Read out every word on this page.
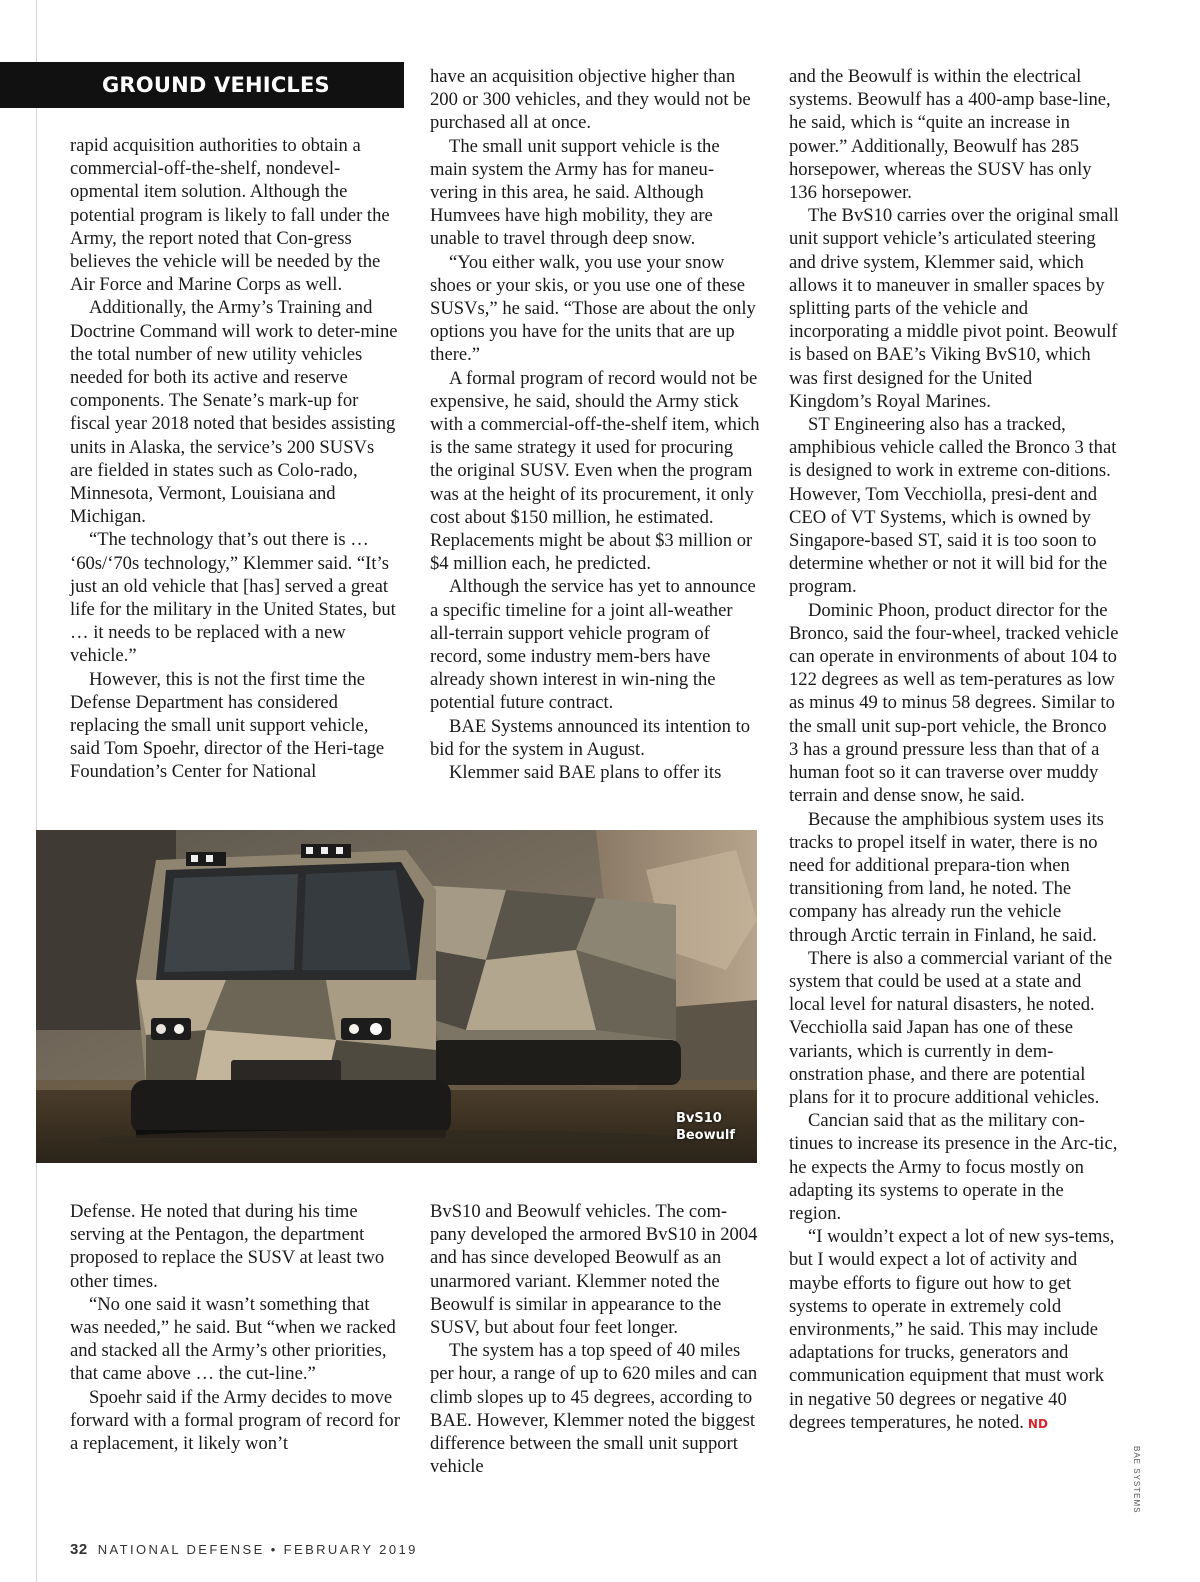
GROUND VEHICLES

rapid acquisition authorities to obtain a commercial-off-the-shelf, nondevel-opmental item solution. Although the potential program is likely to fall under the Army, the report noted that Con-gress believes the vehicle will be needed by the Air Force and Marine Corps as well.

Additionally, the Army’s Training and Doctrine Command will work to deter-mine the total number of new utility vehicles needed for both its active and reserve components. The Senate’s mark-up for fiscal year 2018 noted that besides assisting units in Alaska, the service’s 200 SUSVs are fielded in states such as Colo-rado, Minnesota, Vermont, Louisiana and Michigan.

“The technology that’s out there is … ‘60s/‘70s technology,” Klemmer said. “It’s just an old vehicle that [has] served a great life for the military in the United States, but … it needs to be replaced with a new vehicle.”

However, this is not the first time the Defense Department has considered replacing the small unit support vehicle, said Tom Spoehr, director of the Heri-tage Foundation’s Center for National

have an acquisition objective higher than 200 or 300 vehicles, and they would not be purchased all at once.

The small unit support vehicle is the main system the Army has for maneu-vering in this area, he said. Although Humvees have high mobility, they are unable to travel through deep snow.

“You either walk, you use your snow shoes or your skis, or you use one of these SUSVs,” he said. “Those are about the only options you have for the units that are up there.”

A formal program of record would not be expensive, he said, should the Army stick with a commercial-off-the-shelf item, which is the same strategy it used for procuring the original SUSV. Even when the program was at the height of its procurement, it only cost about $150 million, he estimated. Replacements might be about $3 million or $4 million each, he predicted.

Although the service has yet to announce a specific timeline for a joint all-weather all-terrain support vehicle program of record, some industry mem-bers have already shown interest in win-ning the potential future contract.

BAE Systems announced its intention to bid for the system in August.

Klemmer said BAE plans to offer its

and the Beowulf is within the electrical systems. Beowulf has a 400-amp base-line, he said, which is “quite an increase in power.” Additionally, Beowulf has 285 horsepower, whereas the SUSV has only 136 horsepower.

The BvS10 carries over the original small unit support vehicle’s articulated steering and drive system, Klemmer said, which allows it to maneuver in smaller spaces by splitting parts of the vehicle and incorporating a middle pivot point. Beowulf is based on BAE’s Viking BvS10, which was first designed for the United Kingdom’s Royal Marines.

ST Engineering also has a tracked, amphibious vehicle called the Bronco 3 that is designed to work in extreme con-ditions. However, Tom Vecchiolla, presi-dent and CEO of VT Systems, which is owned by Singapore-based ST, said it is too soon to determine whether or not it will bid for the program.

Dominic Phoon, product director for the Bronco, said the four-wheel, tracked vehicle can operate in environments of about 104 to 122 degrees as well as tem-peratures as low as minus 49 to minus 58 degrees. Similar to the small unit sup-port vehicle, the Bronco 3 has a ground pressure less than that of a human foot so it can traverse over muddy terrain and dense snow, he said.

Because the amphibious system uses its tracks to propel itself in water, there is no need for additional prepara-tion when transitioning from land, he noted. The company has already run the vehicle through Arctic terrain in Finland, he said.

There is also a commercial variant of the system that could be used at a state and local level for natural disasters, he noted. Vecchiolla said Japan has one of these variants, which is currently in dem-onstration phase, and there are potential plans for it to procure additional vehicles.

Cancian said that as the military con-tinues to increase its presence in the Arc-tic, he expects the Army to focus mostly on adapting its systems to operate in the region.

“I wouldn’t expect a lot of new sys-tems, but I would expect a lot of activity and maybe efforts to figure out how to get systems to operate in extremely cold environments,” he said. This may include adaptations for trucks, generators and communication equipment that must work in negative 50 degrees or negative 40 degrees temperatures, he noted. ND

BvS10
Beowulf

Defense. He noted that during his time serving at the Pentagon, the department proposed to replace the SUSV at least two other times.

“No one said it wasn’t something that was needed,” he said. But “when we racked and stacked all the Army’s other priorities, that came above … the cut-line.”

Spoehr said if the Army decides to move forward with a formal program of record for a replacement, it likely won’t

BvS10 and Beowulf vehicles. The com-pany developed the armored BvS10 in 2004 and has since developed Beowulf as an unarmored variant. Klemmer noted the Beowulf is similar in appearance to the SUSV, but about four feet longer.

The system has a top speed of 40 miles per hour, a range of up to 620 miles and can climb slopes up to 45 degrees, according to BAE. However, Klemmer noted the biggest difference between the small unit support vehicle	BAE SYSTEMS
32 NATIONAL DEFENSE • FEBRUARY 2019
